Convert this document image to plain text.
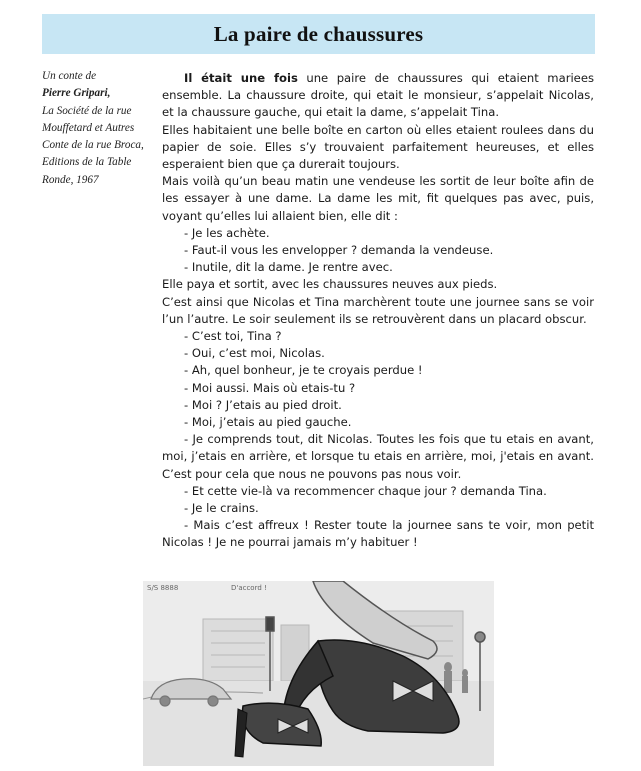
La paire de chaussures
Un conte de
Pierre Gripari,
La Société de la rue
Mouffetard et Autres
Conte de la rue Broca,
Editions de la Table
Ronde, 1967

Il était une fois une paire de chaussures qui etaient mariees ensemble. La chaussure droite, qui etait le monsieur, s’appelait Nicolas, et la chaussure gauche, qui etait la dame, s’appelait Tina.

Elles habitaient une belle boîte en carton où elles etaient roulees dans du papier de soie. Elles s’y trouvaient parfaitement heureuses, et elles esperaient bien que ça durerait toujours.

Mais voilà qu’un beau matin une vendeuse les sortit de leur boîte afin de les essayer à une dame. La dame les mit, fit quelques pas avec, puis, voyant qu’elles lui allaient bien, elle dit :

- Je les achète.

- Faut-il vous les envelopper ? demanda la vendeuse.

- Inutile, dit la dame. Je rentre avec.

Elle paya et sortit, avec les chaussures neuves aux pieds.

C’est ainsi que Nicolas et Tina marchèrent toute une journee sans se voir l’un l’autre. Le soir seulement ils se retrouvèrent dans un placard obscur.

- C’est toi, Tina ?

- Oui, c’est moi, Nicolas.

- Ah, quel bonheur, je te croyais perdue !

- Moi aussi. Mais où etais-tu ?

- Moi ? J’etais au pied droit.

- Moi, j’etais au pied gauche.

- Je comprends tout, dit Nicolas. Toutes les fois que tu etais en avant, moi, j’etais en arrière, et lorsque tu etais en arrière, moi, j'etais en avant. C’est pour cela que nous ne pouvons pas nous voir.

- Et cette vie-là va recommencer chaque jour ? demanda Tina.

- Je le crains.

- Mais c’est affreux ! Rester toute la journee sans te voir, mon petit Nicolas ! Je ne pourrai jamais m’y habituer !

S/S 8888	D'accord !
